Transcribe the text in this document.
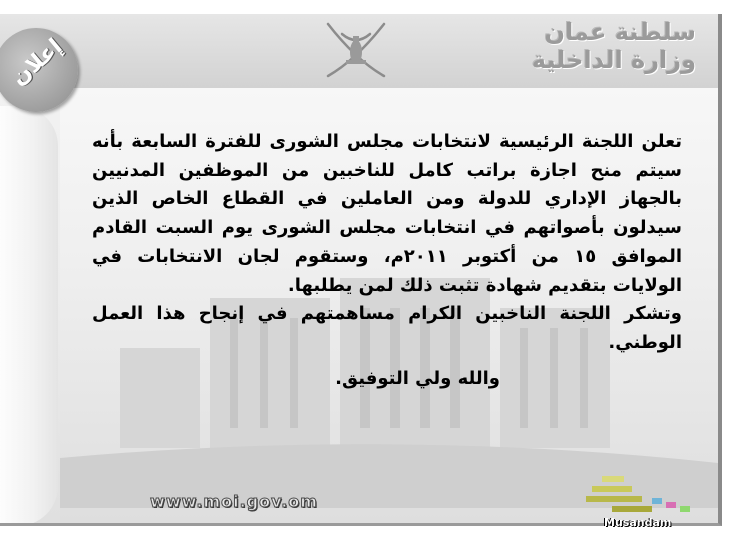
سلطنة عمان
وزارة الداخلية

تعلن اللجنة الرئيسية لانتخابات مجلس الشورى للفترة السابعة بأنه سيتم منح اجازة براتب كامل للناخبين من الموظفين المدنيين بالجهاز الإداري للدولة ومن العاملين في القطاع الخاص الذين سيدلون بأصواتهم في انتخابات مجلس الشورى يوم السبت القادم الموافق ١٥ من أكتوبر ٢٠١١م، وستقوم لجان الانتخابات في الولايات بتقديم شهادة تثبت ذلك لمن يطلبها.

وتشكر اللجنة الناخبين الكرام مساهمتهم في إنجاح هذا العمل الوطني.

والله ولي التوفيق.
إعلان
www.moi.gov.om
Musandam
